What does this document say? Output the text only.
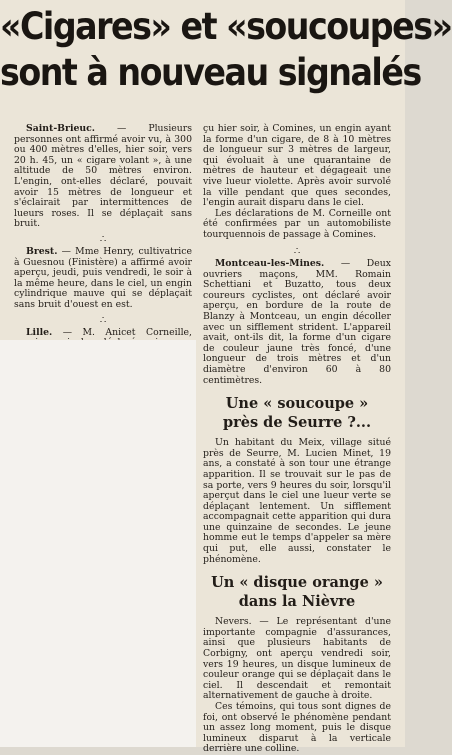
«Cigares» et «soucoupes»
sont à nouveau signalés

Saint-Brieuc. — Plusieurs personnes ont affirmé avoir vu, à 300 ou 400 mètres d'elles, hier soir, vers 20 h. 45, un « cigare volant », à une altitude de 50 mètres environ. L'engin, ont-elles déclaré, pouvait avoir 15 mètres de longueur et s'éclairait par intermittences de lueurs roses. Il se déplaçait sans bruit.

∴

Brest. — Mme Henry, cultivatrice à Guesnou (Finistère) a affirmé avoir aperçu, jeudi, puis vendredi, le soir à la même heure, dans le ciel, un engin cylindrique mauve qui se déplaçait sans bruit d'ouest en est.

∴

Lille. — M. Anicet Corneille,

çu hier soir, à Comines, un engin ayant la forme d'un cigare, de 8 à 10 mètres de longueur sur 3 mètres de largeur, qui évoluait à une quarantaine de mètres de hauteur et dégageait une vive lueur violette. Après avoir survolé la ville pendant que ques secondes, l'engin aurait disparu dans le ciel.

Les déclarations de M. Corneille ont été confirmées par un automobiliste tourquennois de passage à Comines.

∴

Montceau-les-Mines. — Deux ouvriers maçons, MM. Romain Schettiani et Buzatto, tous deux coureurs cyclistes, ont déclaré avoir aperçu, en bordure de la route de Blanzy à Montceau, un engin décoller avec un sifflement strident. L'appareil avait, ont-ils dit, la forme d'un cigare de couleur jaune très foncé, d'une longueur de trois mètres et d'un diamètre d'environ 60 à 80 centimètres.

Une « soucoupe »
près de Seurre ?...

Un habitant du Meix, village situé près de Seurre, M. Lucien Minet, 19 ans, a constaté à son tour une étrange apparition. Il se trouvait sur le pas de sa porte, vers 9 heures du soir, lorsqu'il aperçut dans le ciel une lueur verte se déplaçant lentement. Un sifflement accompagnait cette apparition qui dura une quinzaine de secondes. Le jeune homme eut le temps d'appeler sa mère qui put, elle aussi, constater le phénomène.

Un « disque orange »
dans la Nièvre

Nevers. — Le représentant d'une importante compagnie d'assurances, ainsi que plusieurs habitants de Corbigny, ont aperçu vendredi soir, vers 19 heures, un disque lumineux de couleur orange qui se déplaçait dans le ciel. Il descendait et remontait alternativement de gauche à droite.

Ces témoins, qui tous sont dignes de foi, ont observé le phénomène pendant un assez long moment, puis le disque lumineux disparut à la verticale derrière une colline.
